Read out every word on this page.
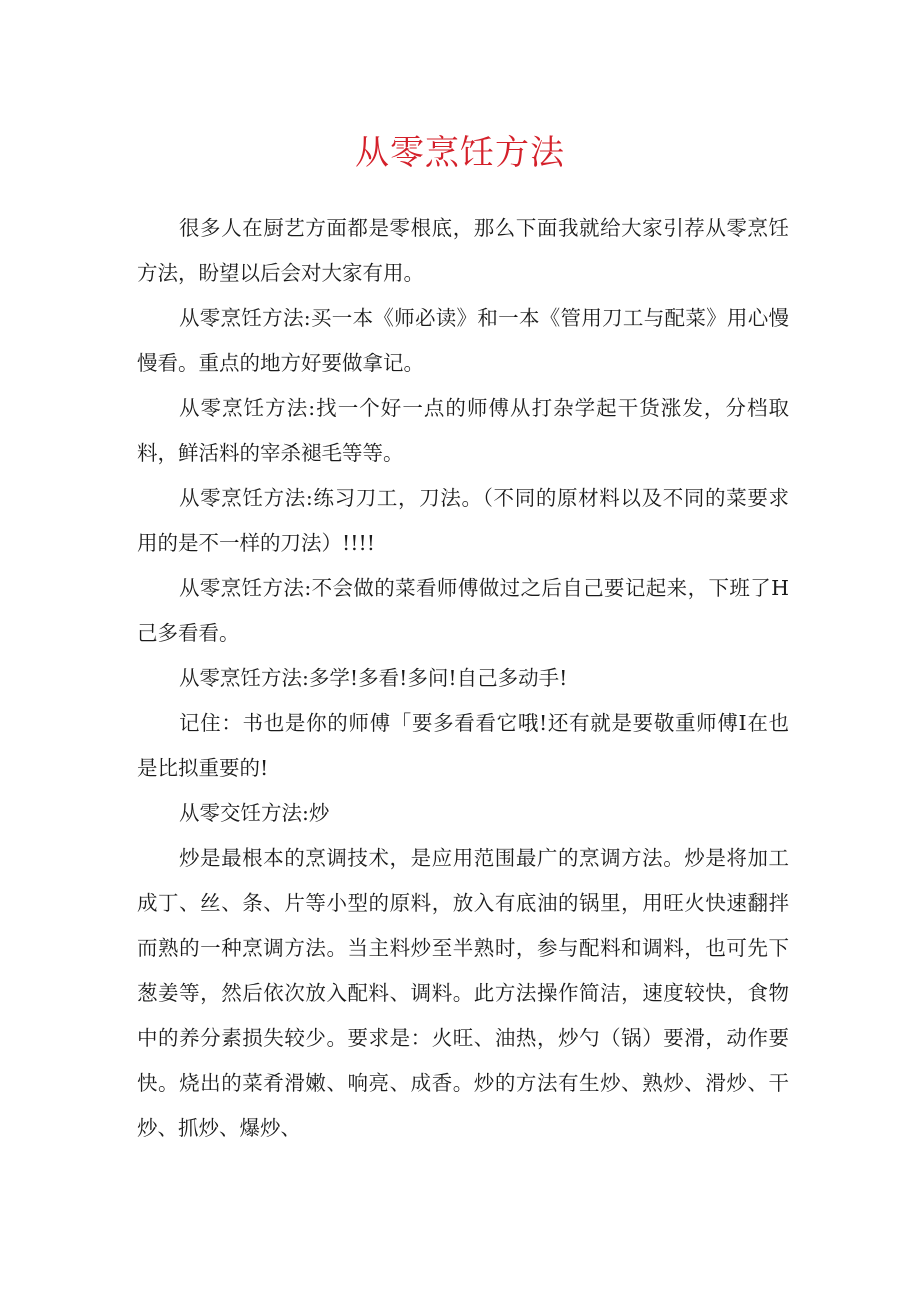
从零烹饪方法

很多人在厨艺方面都是零根底，那么下面我就给大家引荐从零烹饪方法，盼望以后会对大家有用。

从零烹饪方法:买一本《师必读》和一本《管用刀工与配菜》用心慢慢看。重点的地方好要做拿记。

从零烹饪方法:找一个好一点的师傅从打杂学起干货涨发，分档取料，鲜活料的宰杀褪毛等等。

从零烹饪方法:练习刀工，刀法。（不同的原材料以及不同的菜要求用的是不一样的刀法）!!!!

从零烹饪方法:不会做的菜看师傅做过之后自己要记起来，下班了H己多看看。

从零烹饪方法:多学!多看!多问!自己多动手!

记住：书也是你的师傅「要多看看它哦!还有就是要敬重师傅I在也是比拟重要的!

从零交饪方法:炒

炒是最根本的烹调技术，是应用范围最广的烹调方法。炒是将加工成丁、丝、条、片等小型的原料，放入有底油的锅里，用旺火快速翻拌而熟的一种烹调方法。当主料炒至半熟时，参与配料和调料，也可先下葱姜等，然后依次放入配料、调料。此方法操作简洁，速度较快，食物中的养分素损失较少。要求是：火旺、油热，炒勺（锅）要滑，动作要快。烧出的菜肴滑嫩、响亮、成香。炒的方法有生炒、熟炒、滑炒、干炒、抓炒、爆炒、
